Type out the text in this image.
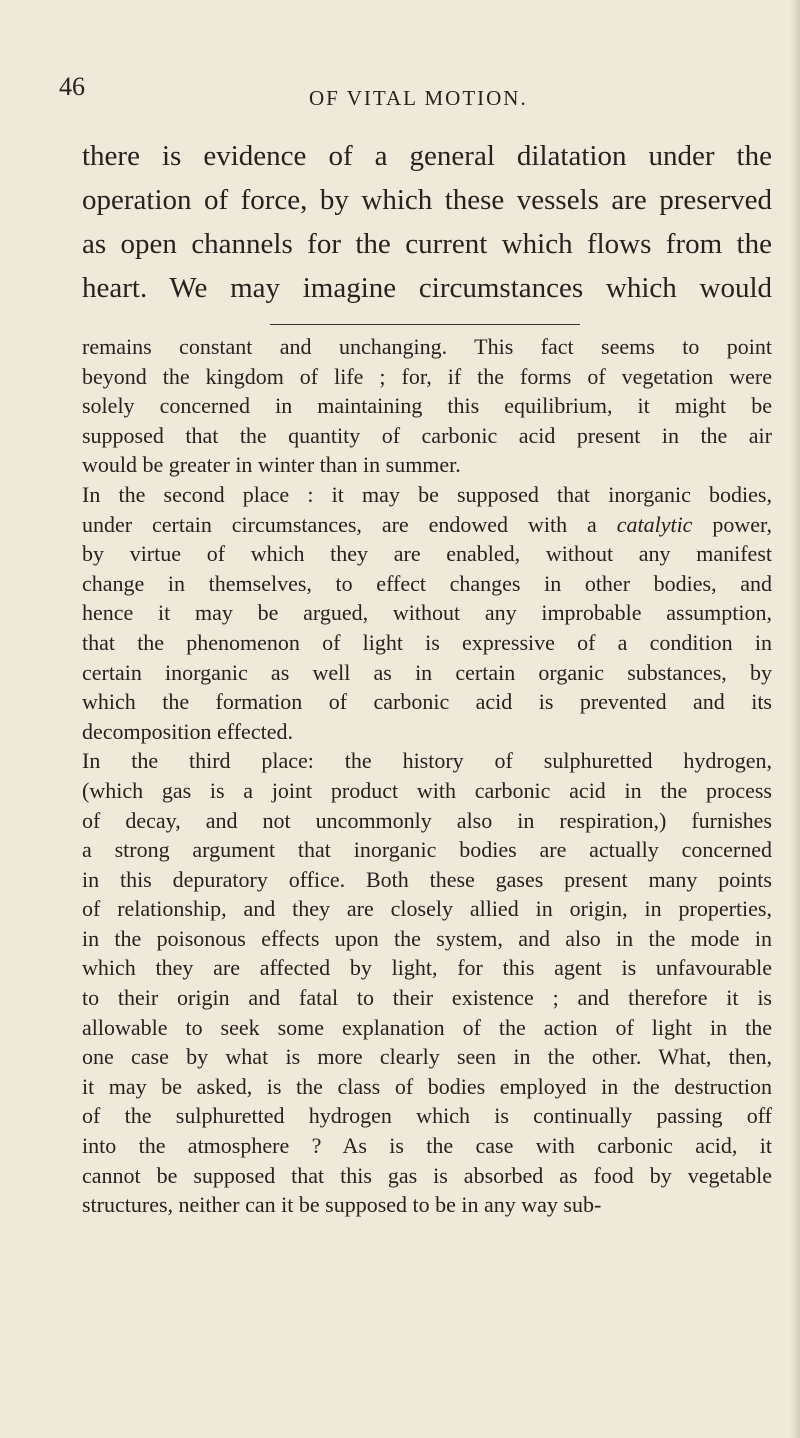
46	OF VITAL MOTION.
there is evidence of a general dilatation under the
operation of force, by which these vessels are preserved
as open channels for the current which flows from the
heart. We may imagine circumstances which would
remains constant and unchanging. This fact seems to point
beyond the kingdom of life ; for, if the forms of vegetation were
solely concerned in maintaining this equilibrium, it might be
supposed that the quantity of carbonic acid present in the air
would be greater in winter than in summer.
In the second place : it may be supposed that inorganic bodies,
under certain circumstances, are endowed with a catalytic power,
by virtue of which they are enabled, without any manifest
change in themselves, to effect changes in other bodies, and
hence it may be argued, without any improbable assumption,
that the phenomenon of light is expressive of a condition in
certain inorganic as well as in certain organic substances, by
which the formation of carbonic acid is prevented and its
decomposition effected.
In the third place: the history of sulphuretted hydrogen,
(which gas is a joint product with carbonic acid in the process
of decay, and not uncommonly also in respiration,) furnishes
a strong argument that inorganic bodies are actually concerned
in this depuratory office. Both these gases present many points
of relationship, and they are closely allied in origin, in properties,
in the poisonous effects upon the system, and also in the mode in
which they are affected by light, for this agent is unfavourable
to their origin and fatal to their existence ; and therefore it is
allowable to seek some explanation of the action of light in the
one case by what is more clearly seen in the other. What, then,
it may be asked, is the class of bodies employed in the destruction
of the sulphuretted hydrogen which is continually passing off
into the atmosphere ? As is the case with carbonic acid, it
cannot be supposed that this gas is absorbed as food by vegetable
structures, neither can it be supposed to be in any way sub-
